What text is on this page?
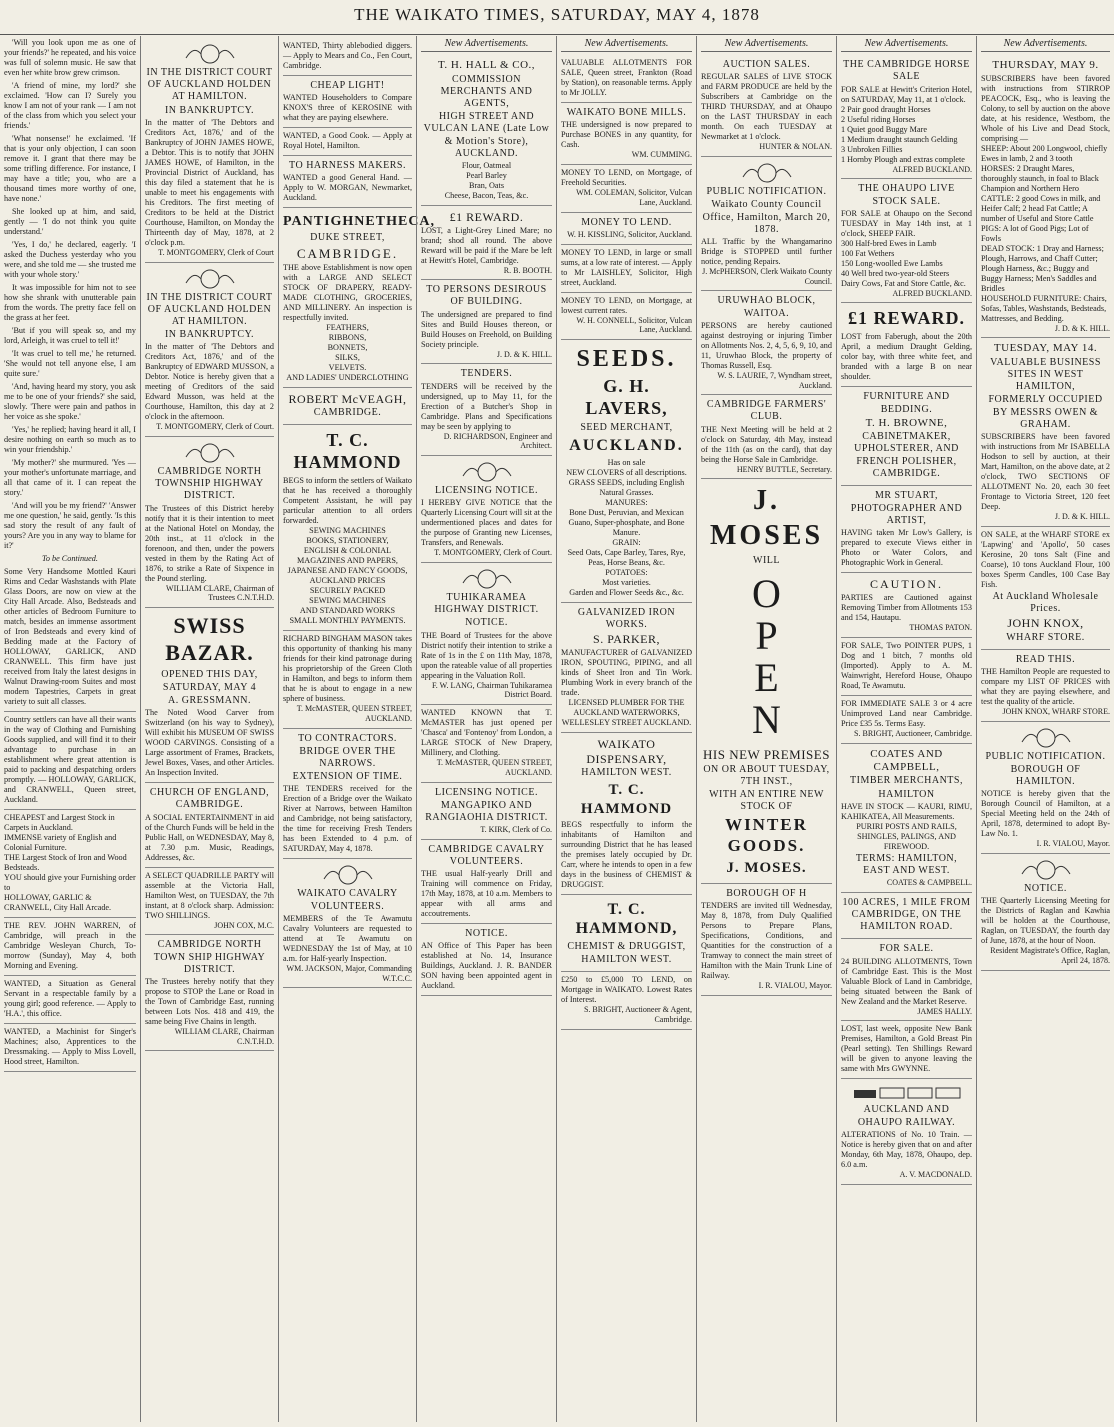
THE WAIKATO TIMES, SATURDAY, MAY 4, 1878

'Will you look upon me as one of your friends?' he repeated, and his voice was full of solemn music. He saw that even her white brow grew crimson.

'A friend of mine, my lord?' she exclaimed. 'How can I? Surely you know I am not of your rank — I am not of the class from which you select your friends.'

'What nonsense!' he exclaimed. 'If that is your only objection, I can soon remove it. I grant that there may be some trifling difference. For instance, I may have a title; you, who are a thousand times more worthy of one, have none.'

She looked up at him, and said, gently — 'I do not think you quite understand.'

'Yes, I do,' he declared, eagerly. 'I asked the Duchess yesterday who you were, and she told me — she trusted me with your whole story.'

It was impossible for him not to see how she shrank with unutterable pain from the words. The pretty face fell on the grass at her feet.

'But if you will speak so, and my lord, Arleigh, it was cruel to tell it!'

'It was cruel to tell me,' he returned. 'She would not tell anyone else, I am quite sure.'

'And, having heard my story, you ask me to be one of your friends?' she said, slowly. 'There were pain and pathos in her voice as she spoke.'

'Yes,' he replied; having heard it all, I desire nothing on earth so much as to win your friendship.'

'My mother?' she murmured. 'Yes — your mother's unfortunate marriage, and all that came of it. I can repeat the story.'

'And will you be my friend?' 'Answer me one question,' he said, gently. 'Is this sad story the result of any fault of yours? Are you in any way to blame for it?'

To be Continued.
Some Very Handsome Mottled Kauri Rims and Cedar Washstands with Plate Glass Doors, are now on view at the City Hall Arcade. Also, Bedsteads and other articles of Bedroom Furniture to match, besides an immense assortment of Iron Bedsteads and every kind of Bedding made at the Factory of HOLLOWAY, GARLICK, AND CRANWELL. This firm have just received from Italy the latest designs in Walnut Drawing-room Suites and most modern Tapestries, Carpets in great variety to suit all classes.
Country settlers can have all their wants in the way of Clothing and Furnishing Goods supplied, and will find it to their advantage to purchase in an establishment where great attention is paid to packing and despatching orders promptly. — HOLLOWAY, GARLICK, and CRANWELL, Queen street, Auckland.
CHEAPEST and Largest Stock in Carpets in Auckland.
IMMENSE variety of English and Colonial Furniture.
THE Largest Stock of Iron and Wood Bedsteads.
YOU should give your Furnishing order to
HOLLOWAY, GARLIC & CRANWELL, City Hall Arcade.
THE REV. JOHN WARREN, of Cambridge, will preach in the Cambridge Wesleyan Church, To-morrow (Sunday), May 4, both Morning and Evening.
WANTED, a Situation as General Servant in a respectable family by a young girl; good reference. — Apply to 'H.A.', this office.
WANTED, a Machinist for Singer's Machines; also, Apprentices to the Dressmaking. — Apply to Miss Lovell, Hood street, Hamilton.
IN THE DISTRICT COURT OF AUCKLAND HOLDEN AT HAMILTON.
IN BANKRUPTCY.
In the matter of 'The Debtors and Creditors Act, 1876,' and of the Bankruptcy of JOHN JAMES HOWE, a Debtor. This is to notify that JOHN JAMES HOWE, of Hamilton, in the Provincial District of Auckland, has this day filed a statement that he is unable to meet his engagements with his Creditors. The first meeting of Creditors to be held at the District Courthouse, Hamilton, on Monday the Thirteenth day of May, 1878, at 2 o'clock p.m.
T. MONTGOMERY, Clerk of Court
IN THE DISTRICT COURT OF AUCKLAND HOLDEN AT HAMILTON.
IN BANKRUPTCY.
In the matter of 'The Debtors and Creditors Act, 1876,' and of the Bankruptcy of EDWARD MUSSON, a Debtor. Notice is hereby given that a meeting of Creditors of the said Edward Musson, was held at the Courthouse, Hamilton, this day at 2 o'clock in the afternoon.
T. MONTGOMERY, Clerk of Court.
CAMBRIDGE NORTH TOWNSHIP HIGHWAY DISTRICT.
The Trustees of this District hereby notify that it is their intention to meet at the National Hotel on Monday, the 20th inst., at 11 o'clock in the forenoon, and then, under the powers vested in them by the Rating Act of 1876, to strike a Rate of Sixpence in the Pound sterling.
WILLIAM CLARE, Chairman of Trustees C.N.T.H.D.
SWISS BAZAR.
OPENED THIS DAY,
SATURDAY, MAY 4
A. GRESSMANN.
The Noted Wood Carver from Switzerland (on his way to Sydney), Will exhibit his MUSEUM OF SWISS WOOD CARVINGS. Consisting of a Large assortment of Frames, Brackets, Jewel Boxes, Vases, and other Articles. An Inspection Invited.
CHURCH OF ENGLAND, CAMBRIDGE.
A SOCIAL ENTERTAINMENT in aid of the Church Funds will be held in the Public Hall, on WEDNESDAY, May 8, at 7.30 p.m. Music, Readings, Addresses, &c.
A SELECT QUADRILLE PARTY will assemble at the Victoria Hall, Hamilton West, on TUESDAY, the 7th instant, at 8 o'clock sharp. Admission: TWO SHILLINGS.
JOHN COX, M.C.
CAMBRIDGE NORTH TOWN SHIP HIGHWAY DISTRICT.
The Trustees hereby notify that they propose to STOP the Lane or Road in the Town of Cambridge East, running between Lots Nos. 418 and 419, the same being Five Chains in length.
WILLIAM CLARE, Chairman C.N.T.H.D.
WANTED, Thirty ablebodied diggers. — Apply to Mears and Co., Fen Court, Cambridge.
CHEAP LIGHT!
WANTED Householders to Compare KNOX'S three of KEROSINE with what they are paying elsewhere.
WANTED, a Good Cook. — Apply at Royal Hotel, Hamilton.
TO HARNESS MAKERS.
WANTED a good General Hand. — Apply to W. MORGAN, Newmarket, Auckland.
PANTIGHNETHECA,
DUKE STREET,
CAMBRIDGE.
THE above Establishment is now open with a LARGE AND SELECT STOCK OF DRAPERY, READY-MADE CLOTHING, GROCERIES, AND MILLINERY. An inspection is respectfully invited.
FEATHERS,
RIBBONS,
BONNETS,
SILKS,
VELVETS.
AND LADIES' UNDERCLOTHING
ROBERT McVEAGH,
CAMBRIDGE.
T. C. HAMMOND
BEGS to inform the settlers of Waikato that he has received a thoroughly Competent Assistant, he will pay particular attention to all orders forwarded.
SEWING MACHINES
BOOKS, STATIONERY,
ENGLISH & COLONIAL MAGAZINES AND PAPERS,
JAPANESE AND FANCY GOODS,
AUCKLAND PRICES
SECURELY PACKED
SEWING MACHINES
AND STANDARD WORKS
SMALL MONTHLY PAYMENTS.
RICHARD BINGHAM MASON takes this opportunity of thanking his many friends for their kind patronage during his proprietorship of the Green Cloth in Hamilton, and begs to inform them that he is about to engage in a new sphere of business.
T. McMASTER, QUEEN STREET, AUCKLAND.
TO CONTRACTORS.
BRIDGE OVER THE NARROWS.
EXTENSION OF TIME.
THE TENDERS received for the Erection of a Bridge over the Waikato River at Narrows, between Hamilton and Cambridge, not being satisfactory, the time for receiving Fresh Tenders has been Extended to 4 p.m. of SATURDAY, May 4, 1878.
WAIKATO CAVALRY VOLUNTEERS.
MEMBERS of the Te Awamutu Cavalry Volunteers are requested to attend at Te Awamutu on WEDNESDAY the 1st of May, at 10 a.m. for Half-yearly Inspection.
WM. JACKSON, Major, Commanding W.T.C.C.
New Advertisements.
T. H. HALL & CO.,
COMMISSION MERCHANTS AND AGENTS,
HIGH STREET AND VULCAN LANE (Late Low & Motion's Store), AUCKLAND.
Flour, Oatmeal
Pearl Barley
Bran, Oats
Cheese, Bacon, Teas, &c.
£1 REWARD.
LOST, a Light-Grey Lined Mare; no brand; shod all round. The above Reward will be paid if the Mare be left at Hewitt's Hotel, Cambridge.
R. B. BOOTH.
TO PERSONS DESIROUS OF BUILDING.
The undersigned are prepared to find Sites and Build Houses thereon, or Build Houses on Freehold, on Building Society principle.
J. D. & K. HILL.
TENDERS.
TENDERS will be received by the undersigned, up to May 11, for the Erection of a Butcher's Shop in Cambridge. Plans and Specifications may be seen by applying to
D. RICHARDSON, Engineer and Architect.
LICENSING NOTICE.
I HEREBY GIVE NOTICE that the Quarterly Licensing Court will sit at the undermentioned places and dates for the purpose of Granting new Licenses, Transfers, and Renewals.
T. MONTGOMERY, Clerk of Court.
TUHIKARAMEA HIGHWAY DISTRICT.
NOTICE.
THE Board of Trustees for the above District notify their intention to strike a Rate of 1s in the £ on 11th May, 1878, upon the rateable value of all properties appearing in the Valuation Roll.
F. W. LANG, Chairman Tuhikaramea District Board.
WANTED KNOWN that T. McMASTER has just opened per 'Chasca' and 'Fontenoy' from London, a LARGE STOCK of New Drapery, Millinery, and Clothing.
T. McMASTER, QUEEN STREET, AUCKLAND.
LICENSING NOTICE.
MANGAPIKO AND RANGIAOHIA DISTRICT.
T. KIRK, Clerk of Co.
CAMBRIDGE CAVALRY VOLUNTEERS.
THE usual Half-yearly Drill and Training will commence on Friday, 17th May, 1878, at 10 a.m. Members to appear with all arms and accoutrements.
NOTICE.
AN Office of This Paper has been established at No. 14, Insurance Buildings, Auckland. J. R. BANDER SON having been appointed agent in Auckland.
New Advertisements.
VALUABLE ALLOTMENTS FOR SALE, Queen street, Frankton (Road by Station), on reasonable terms. Apply to Mr JOLLY.
WAIKATO BONE MILLS.
THE undersigned is now prepared to Purchase BONES in any quantity, for Cash.
WM. CUMMING.
MONEY TO LEND, on Mortgage, of Freehold Securities.
WM. COLEMAN, Solicitor, Vulcan Lane, Auckland.
MONEY TO LEND.
W. H. KISSLING, Solicitor, Auckland.
MONEY TO LEND, in large or small sums, at a low rate of interest. — Apply to Mr LAISHLEY, Solicitor, High street, Auckland.
MONEY TO LEND, on Mortgage, at lowest current rates.
W. H. CONNELL, Solicitor, Vulcan Lane, Auckland.
SEEDS.
G. H. LAVERS,
SEED MERCHANT,
AUCKLAND.
Has on sale
NEW CLOVERS of all descriptions.
GRASS SEEDS, including English Natural Grasses.
MANURES:
Bone Dust, Peruvian, and Mexican Guano, Super-phosphate, and Bone Manure.
GRAIN:
Seed Oats, Cape Barley, Tares, Rye, Peas, Horse Beans, &c.
POTATOES:
Most varieties.
Garden and Flower Seeds &c., &c.
GALVANIZED IRON WORKS.
S. PARKER,
MANUFACTURER of GALVANIZED IRON, SPOUTING, PIPING, and all kinds of Sheet Iron and Tin Work. Plumbing Work in every branch of the trade.
LICENSED PLUMBER FOR THE AUCKLAND WATERWORKS, WELLESLEY STREET AUCKLAND.
WAIKATO DISPENSARY,
HAMILTON WEST.
T. C. HAMMOND
BEGS respectfully to inform the inhabitants of Hamilton and surrounding District that he has leased the premises lately occupied by Dr. Carr, where he intends to open in a few days in the business of CHEMIST & DRUGGIST.
T. C. HAMMOND,
CHEMIST & DRUGGIST,
HAMILTON WEST.
£250 to £5,000 TO LEND, on Mortgage in WAIKATO. Lowest Rates of Interest.
S. BRIGHT, Auctioneer & Agent, Cambridge.
New Advertisements.
AUCTION SALES.
REGULAR SALES of LIVE STOCK and FARM PRODUCE are held by the Subscribers at Cambridge on the THIRD THURSDAY, and at Ohaupo on the LAST THURSDAY in each month. On each TUESDAY at Newmarket at 1 o'clock.
HUNTER & NOLAN.
PUBLIC NOTIFICATION.
Waikato County Council Office, Hamilton, March 20, 1878.
ALL Traffic by the Whangamarino Bridge is STOPPED until further notice, pending Repairs.
J. McPHERSON, Clerk Waikato County Council.
URUWHAO BLOCK, WAITOA.
PERSONS are hereby cautioned against destroying or injuring Timber on Allotments Nos. 2, 4, 5, 6, 9, 10, and 11, Uruwhao Block, the property of Thomas Russell, Esq.
W. S. LAURIE, 7, Wyndham street, Auckland.
CAMBRIDGE FARMERS' CLUB.
THE Next Meeting will be held at 2 o'clock on Saturday, 4th May, instead of the 11th (as on the card), that day being the Horse Sale in Cambridge.
HENRY BUTTLE, Secretary.
J. MOSES
WILL
O
P
E
N
HIS NEW PREMISES
ON OR ABOUT TUESDAY, 7TH INST.,
WITH AN ENTIRE NEW STOCK OF
WINTER GOODS.
J. MOSES.
BOROUGH OF H
TENDERS are invited till Wednesday, May 8, 1878, from Duly Qualified Persons to Prepare Plans, Specifications, Conditions, and Quantities for the construction of a Tramway to connect the main street of Hamilton with the Main Trunk Line of Railway.
I. R. VIALOU, Mayor.
New Advertisements.
THE CAMBRIDGE HORSE SALE
FOR SALE at Hewitt's Criterion Hotel, on SATURDAY, May 11, at 1 o'clock.
2 Pair good draught Horses
2 Useful riding Horses
1 Quiet good Buggy Mare
1 Medium draught staunch Gelding
3 Unbroken Fillies
1 Hornby Plough and extras complete
ALFRED BUCKLAND.
THE OHAUPO LIVE STOCK SALE.
FOR SALE at Ohaupo on the Second TUESDAY in May 14th inst, at 1 o'clock, SHEEP FAIR.
300 Half-bred Ewes in Lamb
100 Fat Wethers
150 Long-woolled Ewe Lambs
40 Well bred two-year-old Steers
Dairy Cows, Fat and Store Cattle, &c.
ALFRED BUCKLAND.
£1 REWARD.
LOST from Faberugh, about the 20th April, a medium Draught Gelding, color bay, with three white feet, and branded with a large B on near shoulder.
FURNITURE AND BEDDING.
T. H. BROWNE,
CABINETMAKER, UPHOLSTERER, AND FRENCH POLISHER, CAMBRIDGE.
MR STUART,
PHOTOGRAPHER AND ARTIST,
HAVING taken Mr Low's Gallery, is prepared to execute Views either in Photo or Water Colors, and Photographic Work in General.
CAUTION.
PARTIES are Cautioned against Removing Timber from Allotments 153 and 154, Hautapu.
THOMAS PATON.
FOR SALE, Two POINTER PUPS, 1 Dog and 1 bitch, 7 months old (Imported). Apply to A. M. Wainwright, Hereford House, Ohaupo Road, Te Awamutu.
FOR IMMEDIATE SALE 3 or 4 acre Unimproved Land near Cambridge. Price £35 5s. Terms Easy.
S. BRIGHT, Auctioneer, Cambridge.
COATES AND CAMPBELL,
TIMBER MERCHANTS,
HAMILTON
HAVE IN STOCK — KAURI, RIMU, KAHIKATEA, All Measurements.
PURIRI POSTS AND RAILS,
SHINGLES, PALINGS, AND FIREWOOD.
TERMS: HAMILTON, EAST AND WEST.
COATES & CAMPBELL.
100 ACRES, 1 MILE FROM CAMBRIDGE, ON THE HAMILTON ROAD.
FOR SALE.
24 BUILDING ALLOTMENTS, Town of Cambridge East. This is the Most Valuable Block of Land in Cambridge, being situated between the Bank of New Zealand and the Market Reserve.
JAMES HALLY.
LOST, last week, opposite New Bank Premises, Hamilton, a Gold Breast Pin (Pearl setting). Ten Shillings Reward will be given to anyone leaving the same with Mrs GWYNNE.
AUCKLAND AND OHAUPO RAILWAY.
ALTERATIONS of No. 10 Train. — Notice is hereby given that on and after Monday, 6th May, 1878, Ohaupo, dep. 6.0 a.m.
A. V. MACDONALD.
New Advertisements.
THURSDAY, MAY 9.
SUBSCRIBERS have been favored with instructions from STIRROP PEACOCK, Esq., who is leaving the Colony, to sell by auction on the above date, at his residence, Westbom, the Whole of his Live and Dead Stock, comprising —
SHEEP: About 200 Longwool, chiefly Ewes in lamb, 2 and 3 tooth
HORSES: 2 Draught Mares, thoroughly staunch, in foal to Black Champion and Northern Hero
CATTLE: 2 good Cows in milk, and Heifer Calf; 2 head Fat Cattle; A number of Useful and Store Cattle
PIGS: A lot of Good Pigs; Lot of Fowls
DEAD STOCK: 1 Dray and Harness; Plough, Harrows, and Chaff Cutter; Plough Harness, &c.; Buggy and Buggy Harness; Men's Saddles and Bridles
HOUSEHOLD FURNITURE: Chairs, Sofas, Tables, Washstands, Bedsteads, Mattresses, and Bedding.
J. D. & K. HILL.
TUESDAY, MAY 14.
VALUABLE BUSINESS SITES IN WEST HAMILTON,
FORMERLY OCCUPIED BY MESSRS OWEN & GRAHAM.
SUBSCRIBERS have been favored with instructions from Mr ISABELLA Hodson to sell by auction, at their Mart, Hamilton, on the above date, at 2 o'clock, TWO SECTIONS OF ALLOTMENT No. 20, each 30 feet Frontage to Victoria Street, 120 feet Deep.
J. D. & K. HILL.
ON SALE, at the WHARF STORE ex 'Lapwing' and 'Apollo', 50 cases Kerosine, 20 tons Salt (Fine and Coarse), 10 tons Auckland Flour, 100 boxes Sperm Candles, 100 Case Bay Fish.
At Auckland Wholesale Prices.
JOHN KNOX,
WHARF STORE.
READ THIS.
THE Hamilton People are requested to compare my LIST OF PRICES with what they are paying elsewhere, and test the quality of the article.
JOHN KNOX, WHARF STORE.
PUBLIC NOTIFICATION.
BOROUGH OF HAMILTON.
NOTICE is hereby given that the Borough Council of Hamilton, at a Special Meeting held on the 24th of April, 1878, determined to adopt By-Law No. 1.
I. R. VIALOU, Mayor.
NOTICE.
THE Quarterly Licensing Meeting for the Districts of Raglan and Kawhia will be holden at the Courthouse, Raglan, on TUESDAY, the fourth day of June, 1878, at the hour of Noon.
Resident Magistrate's Office, Raglan, April 24, 1878.
